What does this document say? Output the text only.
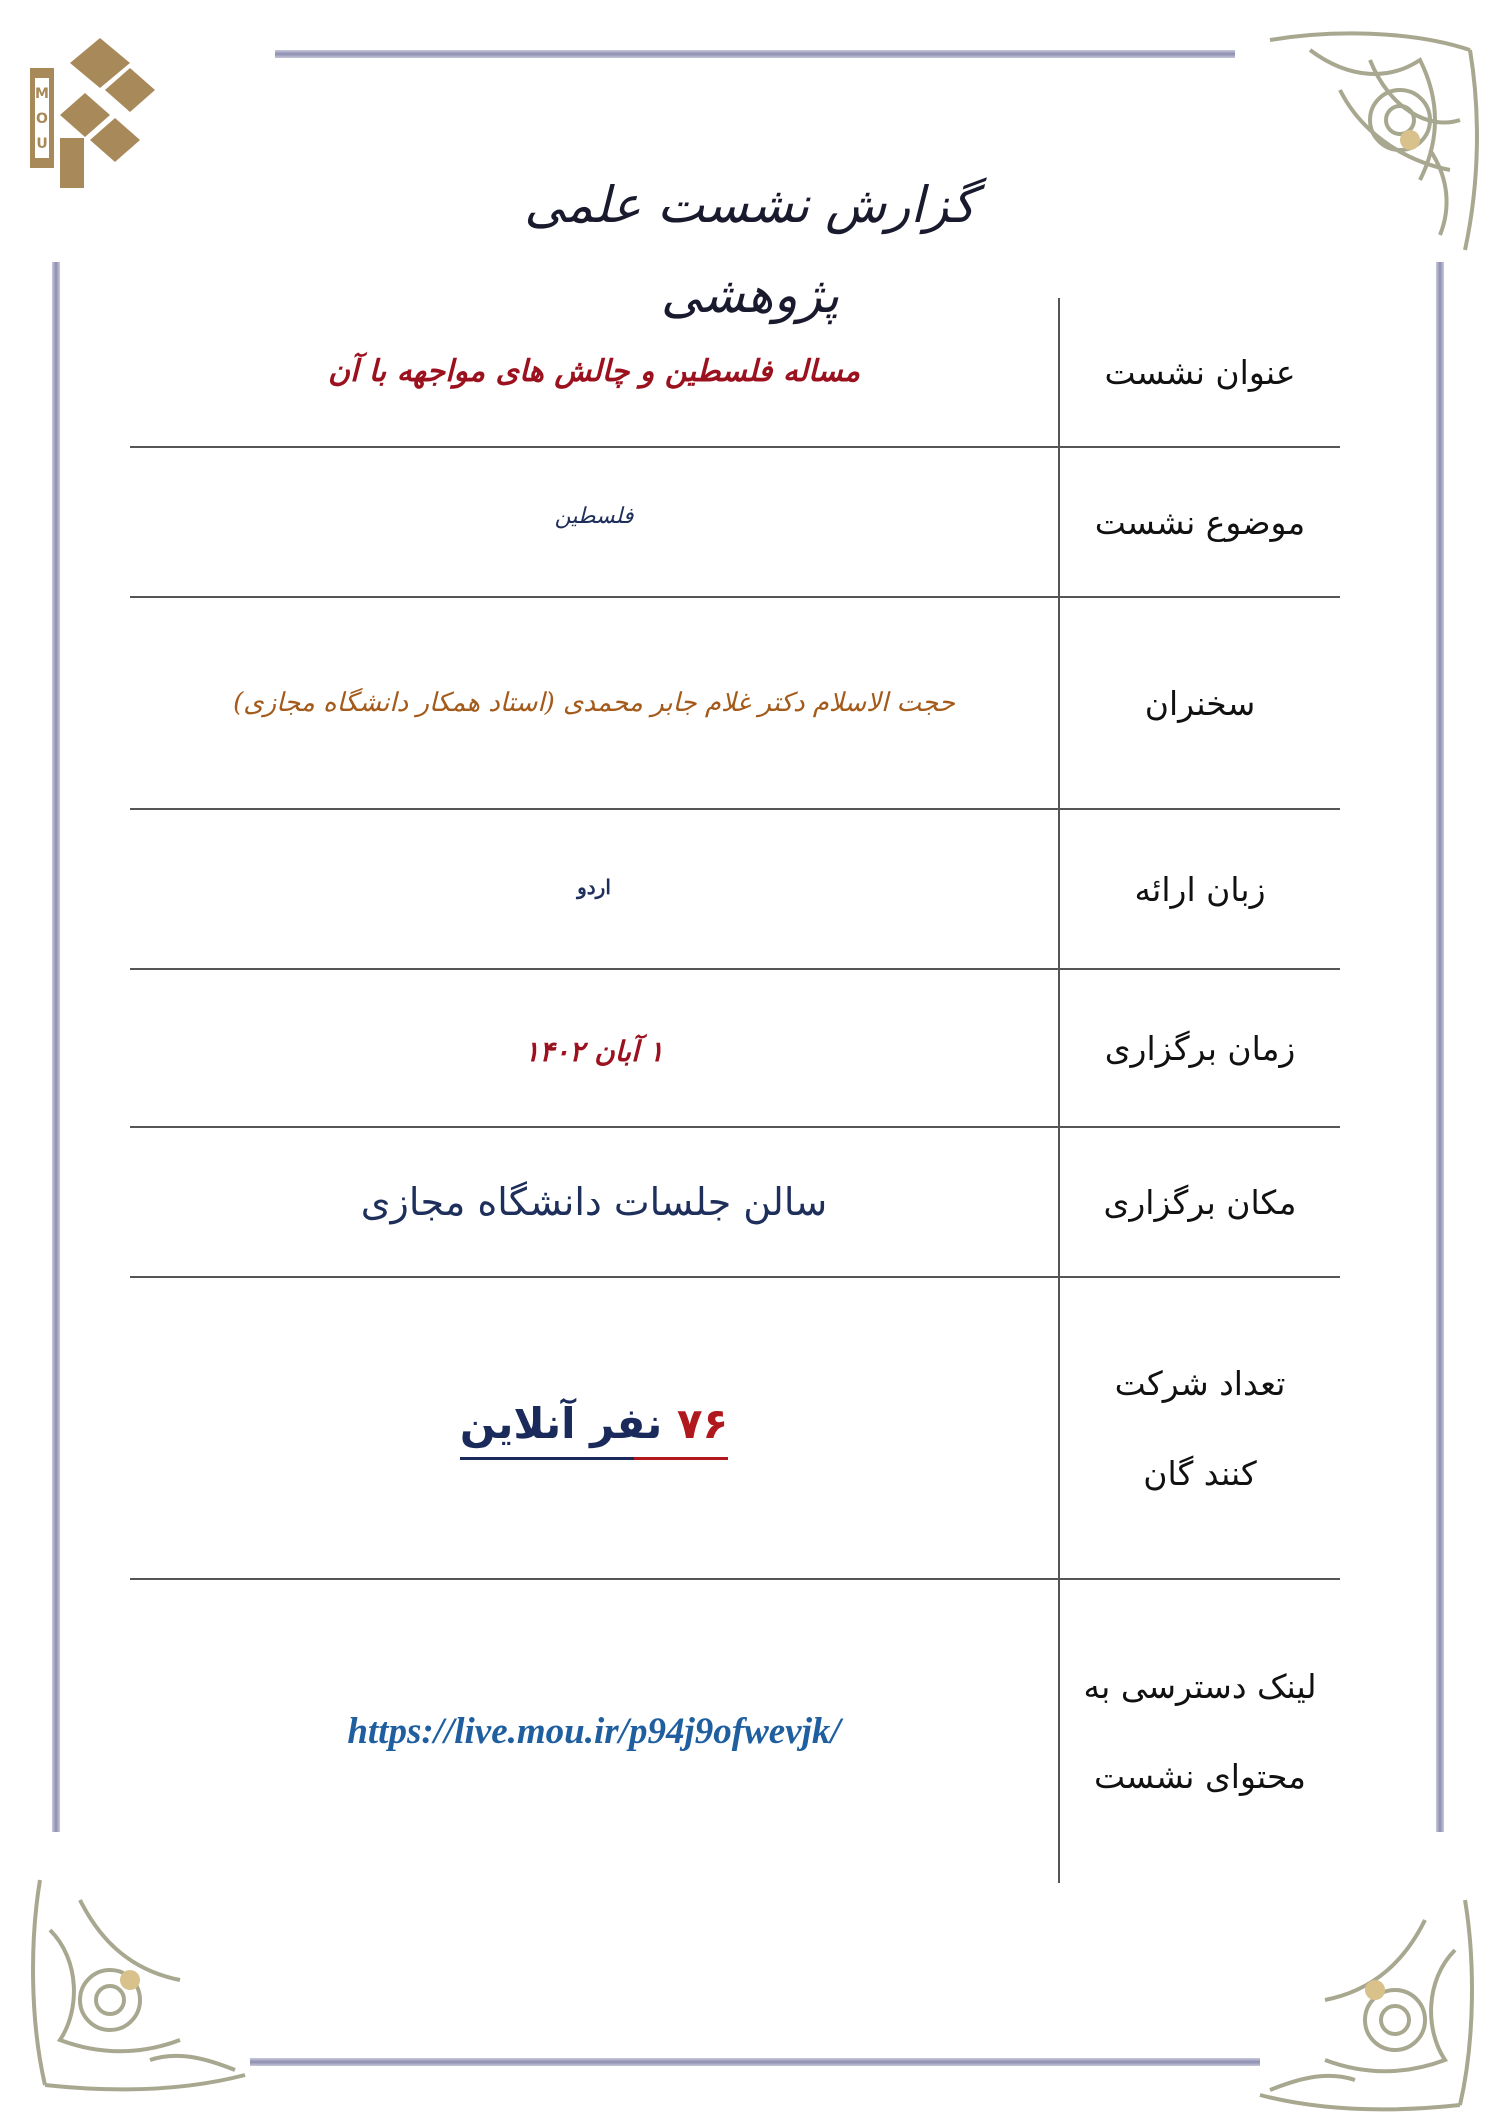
M
O
U
گزارش نشست علمی پژوهشی
عنوان نشست
مساله فلسطین و چالش های مواجهه با آن
موضوع نشست
فلسطین
سخنران
حجت الاسلام دکتر غلام جابر محمدی (استاد همکار دانشگاه مجازی)
زبان ارائه
اردو
زمان برگزاری
۱ آبان ۱۴۰۲
مکان برگزاری
سالن جلسات دانشگاه مجازی
تعداد شرکت
کنند گان
۷۶ نفر آنلاین
لینک دسترسی به
محتوای نشست
https://live.mou.ir/p94j9ofwevjk/
